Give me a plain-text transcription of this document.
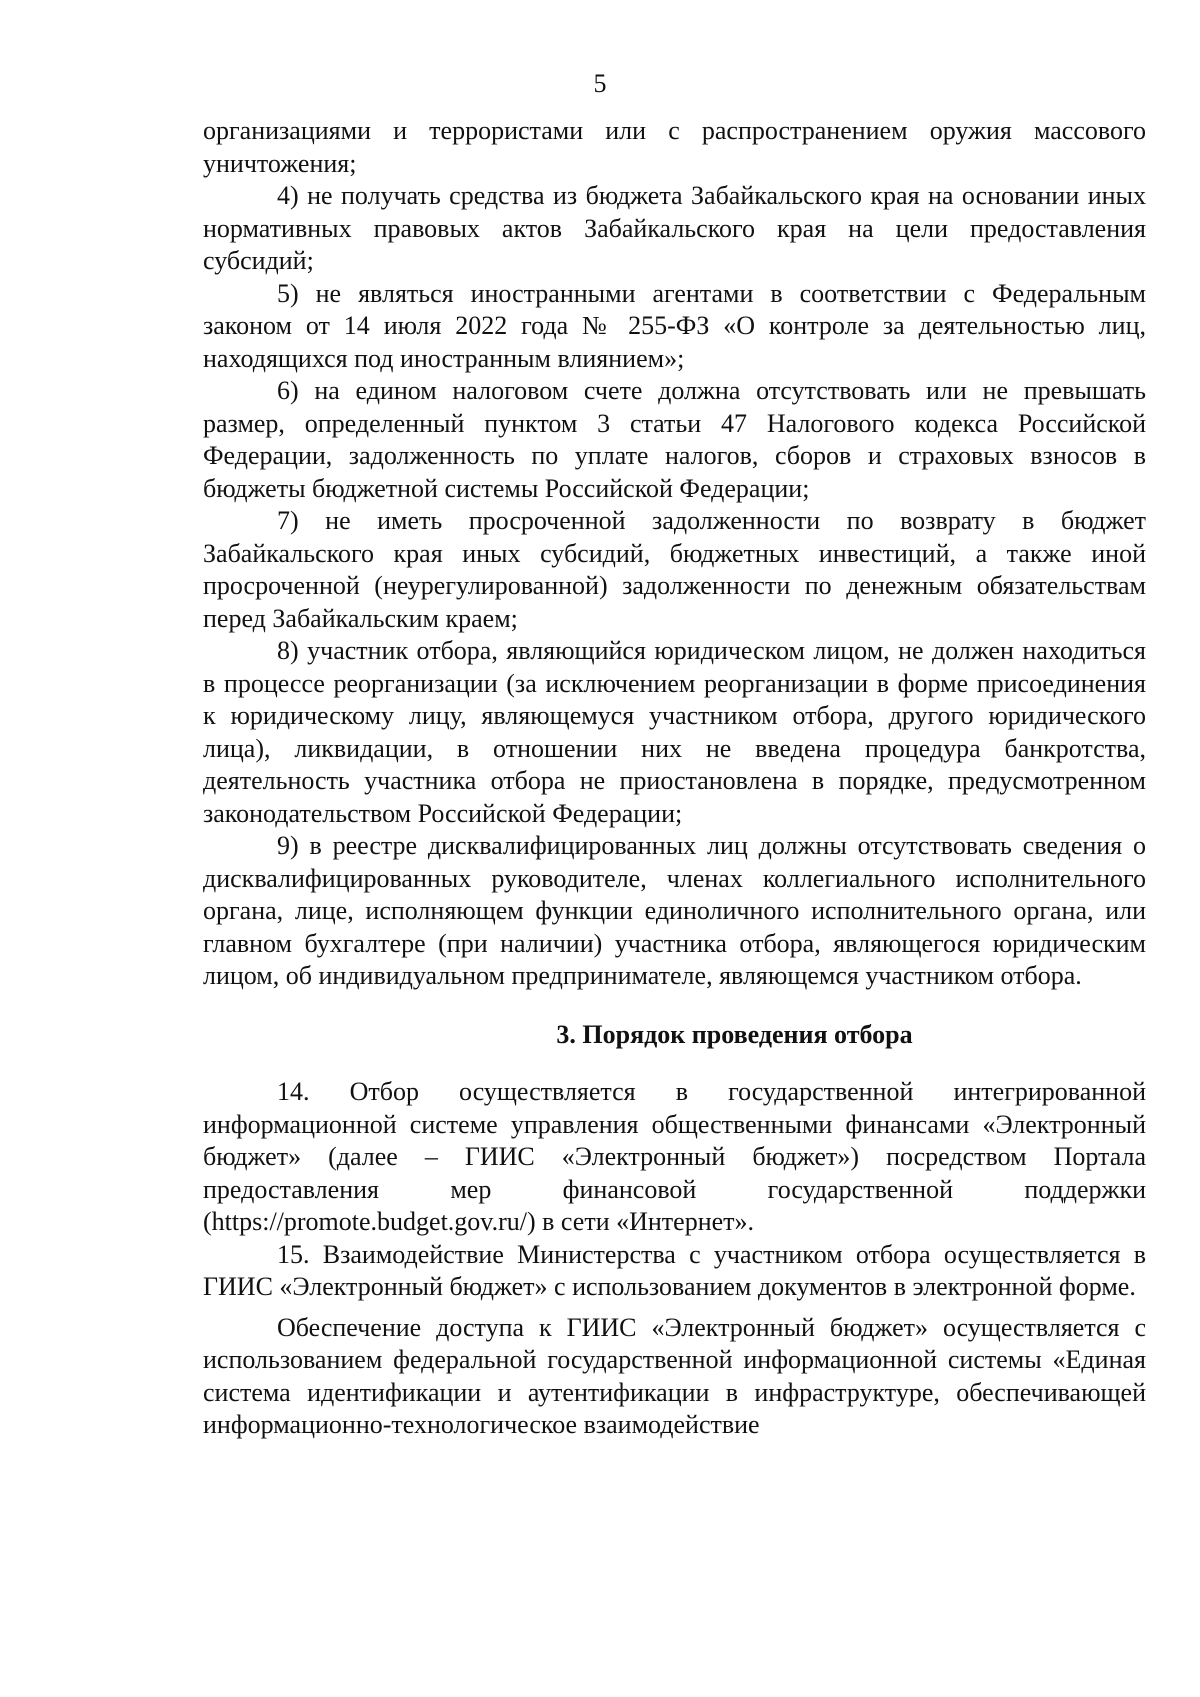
5

организациями и террористами или с распространением оружия массового уничтожения;

4) не получать средства из бюджета Забайкальского края на основании иных нормативных правовых актов Забайкальского края на цели предоставления субсидий;

5) не являться иностранными агентами в соответствии с Федеральным законом от 14 июля 2022 года № 255-ФЗ «О контроле за деятельностью лиц, находящихся под иностранным влиянием»;

6) на едином налоговом счете должна отсутствовать или не превышать размер, определенный пунктом 3 статьи 47 Налогового кодекса Российской Федерации, задолженность по уплате налогов, сборов и страховых взносов в бюджеты бюджетной системы Российской Федерации;

7) не иметь просроченной задолженности по возврату в бюджет Забайкальского края иных субсидий, бюджетных инвестиций, а также иной просроченной (неурегулированной) задолженности по денежным обязательствам перед Забайкальским краем;

8) участник отбора, являющийся юридическом лицом, не должен находиться в процессе реорганизации (за исключением реорганизации в форме присоединения к юридическому лицу, являющемуся участником отбора, другого юридического лица), ликвидации, в отношении них не введена процедура банкротства, деятельность участника отбора не приостановлена в порядке, предусмотренном законодательством Российской Федерации;

9) в реестре дисквалифицированных лиц должны отсутствовать сведения о дисквалифицированных руководителе, членах коллегиального исполнительного органа, лице, исполняющем функции единоличного исполнительного органа, или главном бухгалтере (при наличии) участника отбора, являющегося юридическим лицом, об индивидуальном предпринимателе, являющемся участником отбора.

3. Порядок проведения отбора

14. Отбор осуществляется в государственной интегрированной информационной системе управления общественными финансами «Электронный бюджет» (далее – ГИИС «Электронный бюджет») посредством Портала предоставления мер финансовой государственной поддержки (https://promote.budget.gov.ru/) в сети «Интернет».

15. Взаимодействие Министерства с участником отбора осуществляется в ГИИС «Электронный бюджет» с использованием документов в электронной форме.

Обеспечение доступа к ГИИС «Электронный бюджет» осуществляется с использованием федеральной государственной информационной системы «Единая система идентификации и аутентификации в инфраструктуре, обеспечивающей информационно-технологическое взаимодействие
